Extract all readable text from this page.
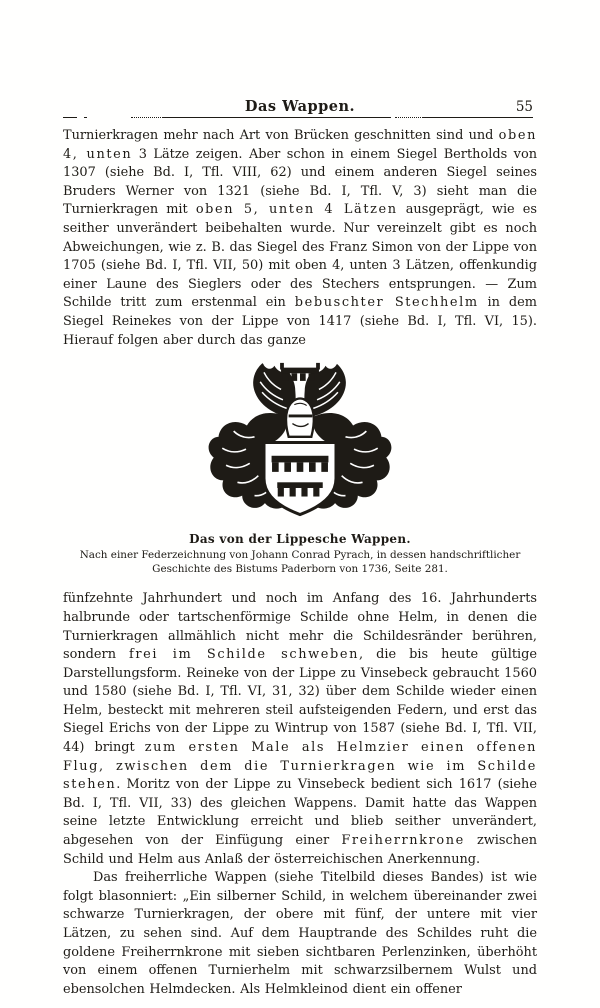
Das Wappen.	55

Turnierkragen mehr nach Art von Brücken geschnitten sind und oben 4, unten 3 Lätze zeigen. Aber schon in einem Siegel Bertholds von 1307 (siehe Bd. I, Tfl. VIII, 62) und einem anderen Siegel seines Bruders Werner von 1321 (siehe Bd. I, Tfl. V, 3) sieht man die Turnierkragen mit oben 5, unten 4 Lätzen ausgeprägt, wie es seither unverändert beibehalten wurde. Nur vereinzelt gibt es noch Abweichungen, wie z. B. das Siegel des Franz Simon von der Lippe von 1705 (siehe Bd. I, Tfl. VII, 50) mit oben 4, unten 3 Lätzen, offenkundig einer Laune des Sieglers oder des Stechers entsprungen. — Zum Schilde tritt zum erstenmal ein bebuschter Stechhelm in dem Siegel Reinekes von der Lippe von 1417 (siehe Bd. I, Tfl. VI, 15). Hierauf folgen aber durch das ganze

Das von der Lippesche Wappen.
Nach einer Federzeichnung von Johann Conrad Pyrach, in dessen handschriftlicher Geschichte des Bistums Paderborn von 1736, Seite 281.

fünfzehnte Jahrhundert und noch im Anfang des 16. Jahrhunderts halbrunde oder tartschenförmige Schilde ohne Helm, in denen die Turnierkragen allmählich nicht mehr die Schildesränder berühren, sondern frei im Schilde schweben, die bis heute gültige Darstellungsform. Reineke von der Lippe zu Vinsebeck gebraucht 1560 und 1580 (siehe Bd. I, Tfl. VI, 31, 32) über dem Schilde wieder einen Helm, besteckt mit mehreren steil aufsteigenden Federn, und erst das Siegel Erichs von der Lippe zu Wintrup von 1587 (siehe Bd. I, Tfl. VII, 44) bringt zum ersten Male als Helmzier einen offenen Flug, zwischen dem die Turnierkragen wie im Schilde stehen. Moritz von der Lippe zu Vinsebeck bedient sich 1617 (siehe Bd. I, Tfl. VII, 33) des gleichen Wappens. Damit hatte das Wappen seine letzte Entwicklung erreicht und blieb seither unverändert, abgesehen von der Einfügung einer Freiherrnkrone zwischen Schild und Helm aus Anlaß der österreichischen Anerkennung.

Das freiherrliche Wappen (siehe Titelbild dieses Bandes) ist wie folgt blasonniert: „Ein silberner Schild, in welchem übereinander zwei schwarze Turnierkragen, der obere mit fünf, der untere mit vier Lätzen, zu sehen sind. Auf dem Hauptrande des Schildes ruht die goldene Freiherrnkrone mit sieben sichtbaren Perlenzinken, überhöht von einem offenen Turnierhelm mit schwarzsilbernem Wulst und ebensolchen Helmdecken. Als Helmkleinod dient ein offener
